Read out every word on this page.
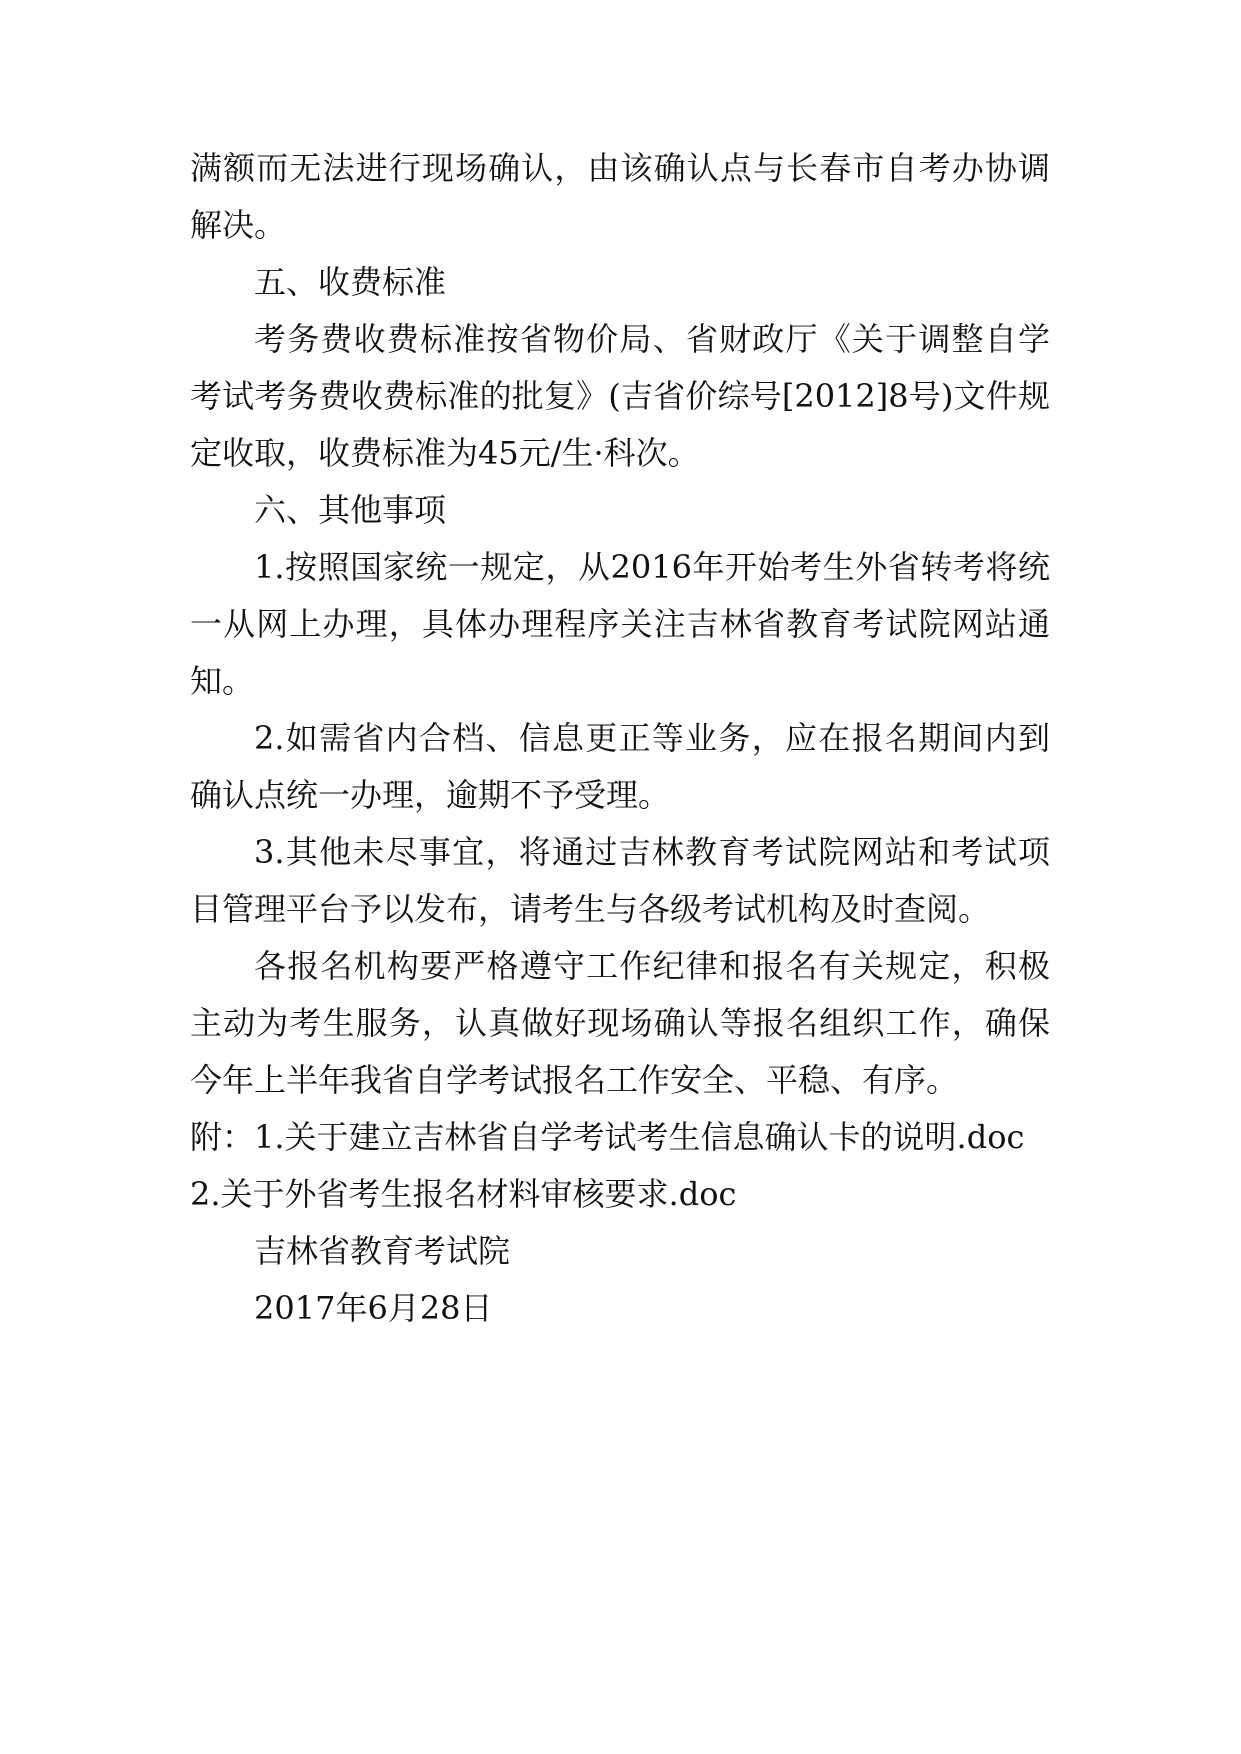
满额而无法进行现场确认，由该确认点与长春市自考办协调解决。

五、收费标准

考务费收费标准按省物价局、省财政厅《关于调整自学考试考务费收费标准的批复》(吉省价综号[2012]8号)文件规定收取，收费标准为45元/生·科次。

六、其他事项

1.按照国家统一规定，从2016年开始考生外省转考将统一从网上办理，具体办理程序关注吉林省教育考试院网站通知。

2.如需省内合档、信息更正等业务，应在报名期间内到确认点统一办理，逾期不予受理。

3.其他未尽事宜，将通过吉林教育考试院网站和考试项目管理平台予以发布，请考生与各级考试机构及时查阅。

各报名机构要严格遵守工作纪律和报名有关规定，积极主动为考生服务，认真做好现场确认等报名组织工作，确保今年上半年我省自学考试报名工作安全、平稳、有序。

附：1.关于建立吉林省自学考试考生信息确认卡的说明.doc

2.关于外省考生报名材料审核要求.doc

吉林省教育考试院

2017年6月28日
